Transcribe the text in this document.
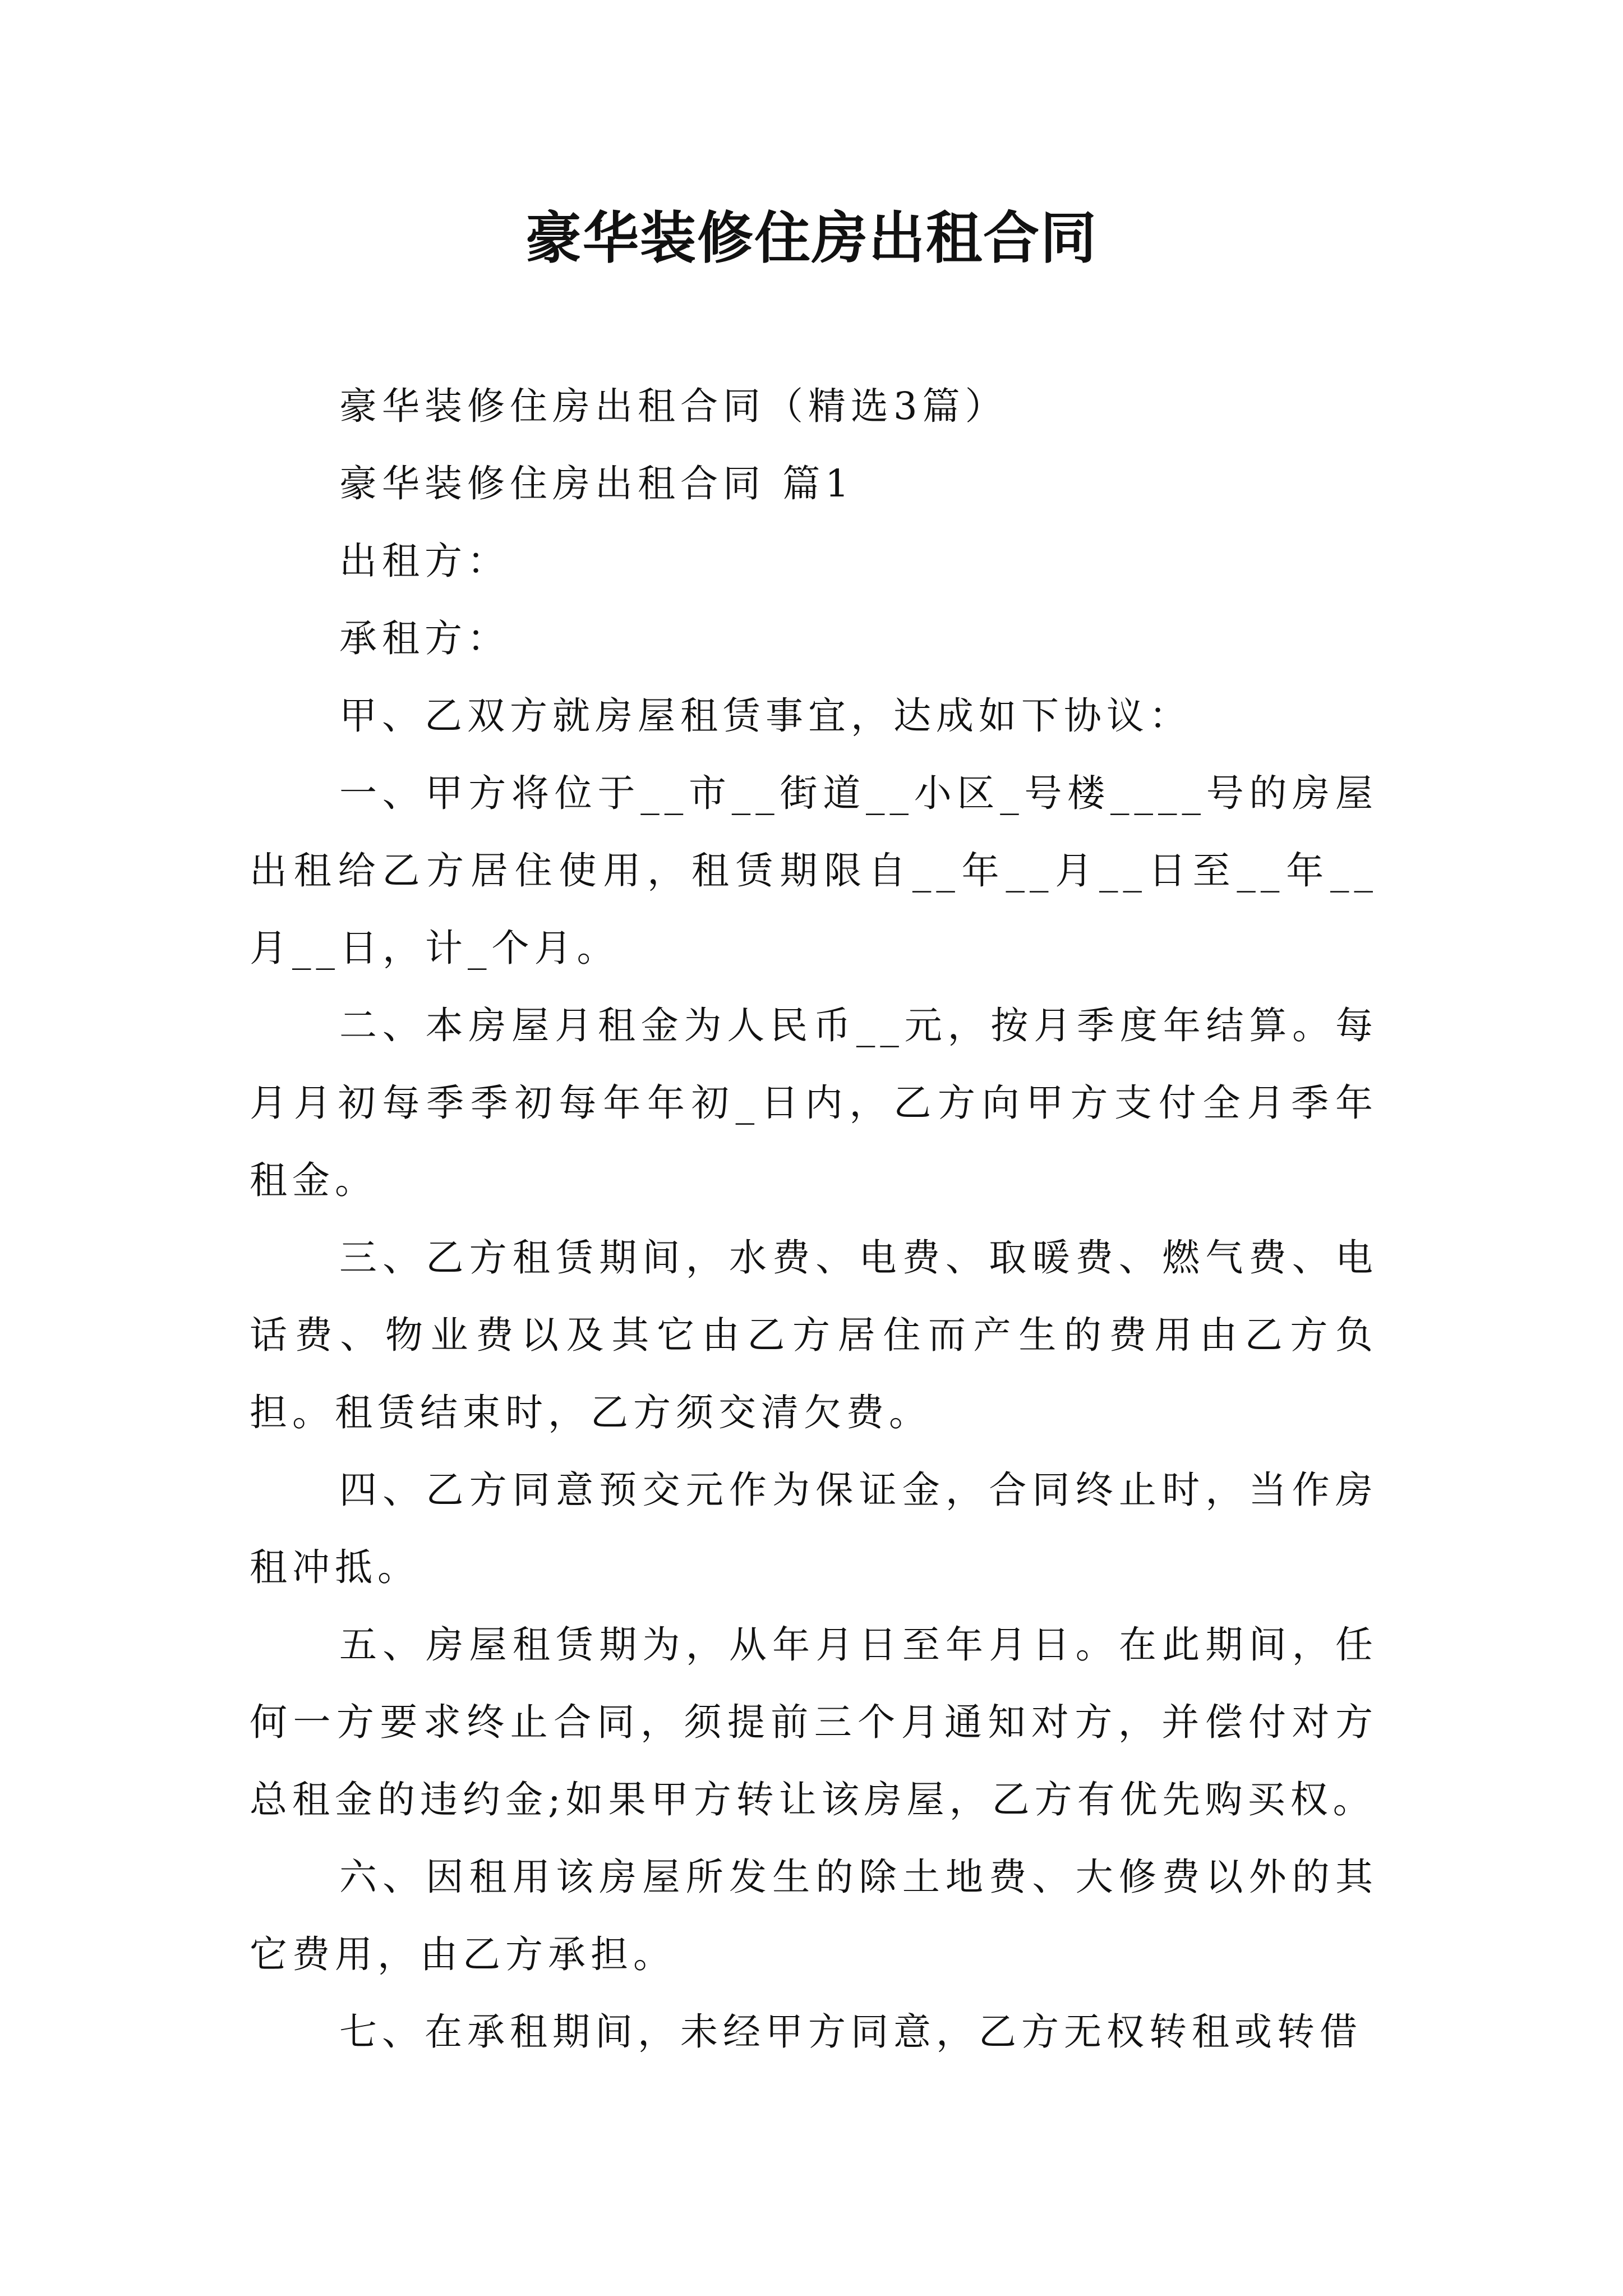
豪华装修住房出租合同

豪华装修住房出租合同（精选3篇）

豪华装修住房出租合同 篇1

出租方：

承租方：

甲、乙双方就房屋租赁事宜，达成如下协议：

一、甲方将位于__市__街道__小区_号楼____号的房屋出租给乙方居住使用，租赁期限自__年__月__日至__年__月__日，计_个月。

二、本房屋月租金为人民币__元，按月季度年结算。每月月初每季季初每年年初_日内，乙方向甲方支付全月季年租金。

三、乙方租赁期间，水费、电费、取暖费、燃气费、电话费、物业费以及其它由乙方居住而产生的费用由乙方负担。租赁结束时，乙方须交清欠费。

四、乙方同意预交元作为保证金，合同终止时，当作房租冲抵。

五、房屋租赁期为，从年月日至年月日。在此期间，任何一方要求终止合同，须提前三个月通知对方，并偿付对方总租金的违约金;如果甲方转让该房屋，乙方有优先购买权。

六、因租用该房屋所发生的除土地费、大修费以外的其它费用，由乙方承担。

七、在承租期间，未经甲方同意，乙方无权转租或转借
